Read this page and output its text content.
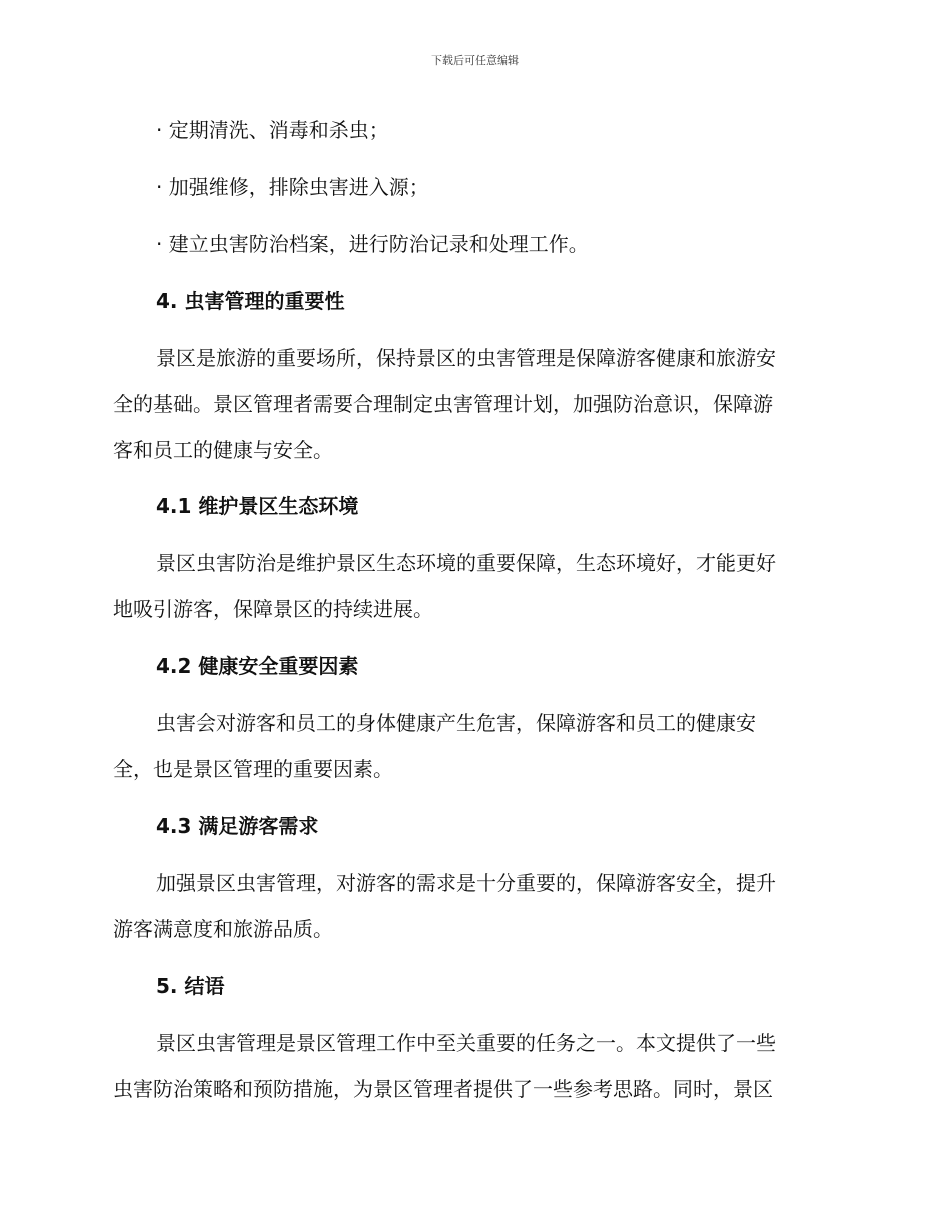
下载后可任意编辑
· 定期清洗、消毒和杀虫；
· 加强维修，排除虫害进入源；
· 建立虫害防治档案，进行防治记录和处理工作。
4. 虫害管理的重要性
景区是旅游的重要场所，保持景区的虫害管理是保障游客健康和旅游安
全的基础。景区管理者需要合理制定虫害管理计划，加强防治意识，保障游
客和员工的健康与安全。
4.1 维护景区生态环境
景区虫害防治是维护景区生态环境的重要保障，生态环境好，才能更好
地吸引游客，保障景区的持续进展。
4.2 健康安全重要因素
虫害会对游客和员工的身体健康产生危害，保障游客和员工的健康安
全，也是景区管理的重要因素。
4.3 满足游客需求
加强景区虫害管理，对游客的需求是十分重要的，保障游客安全，提升
游客满意度和旅游品质。
5. 结语
景区虫害管理是景区管理工作中至关重要的任务之一。本文提供了一些
虫害防治策略和预防措施，为景区管理者提供了一些参考思路。同时，景区
